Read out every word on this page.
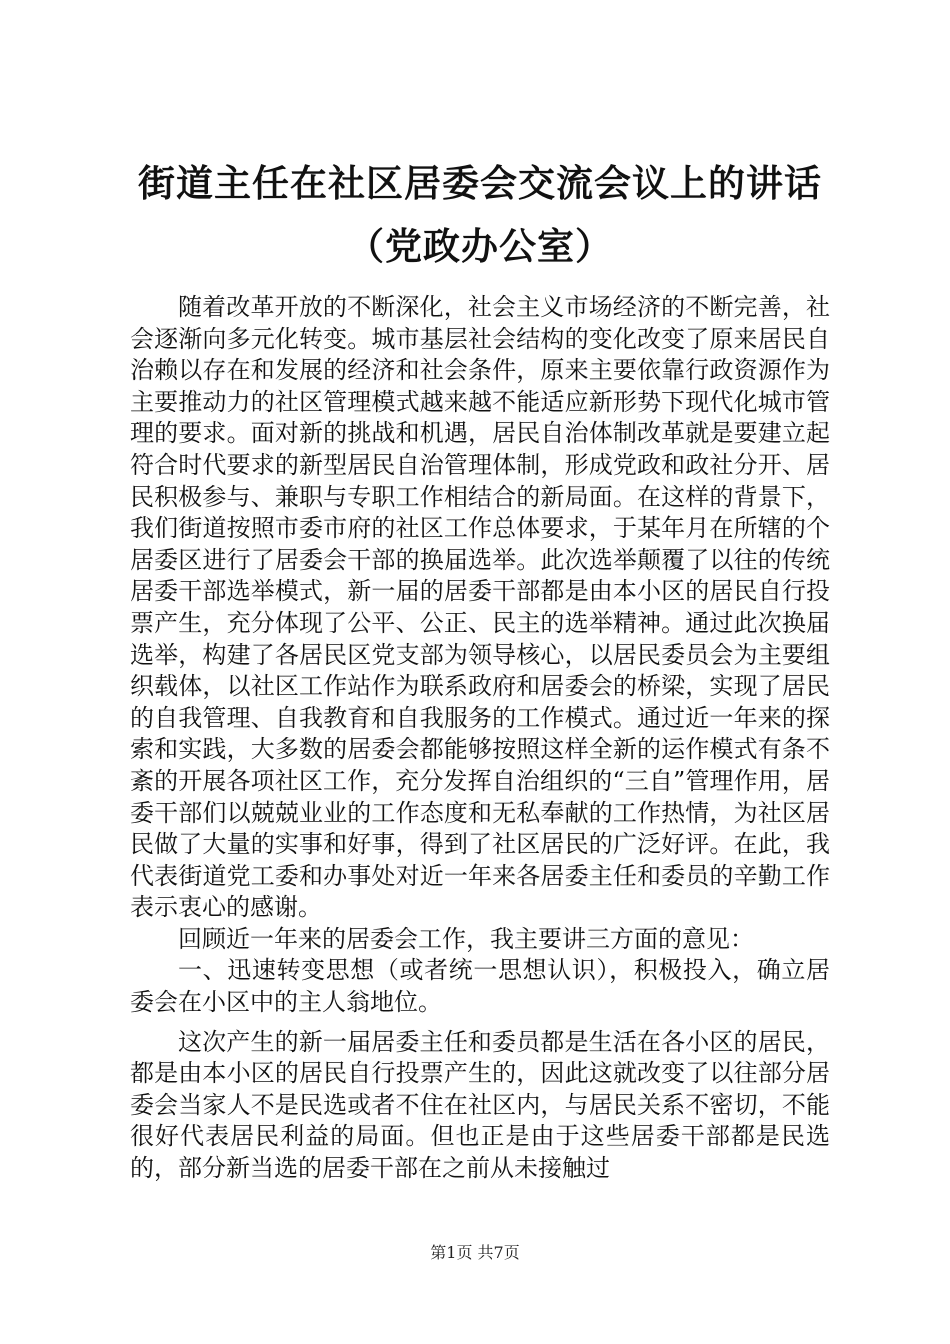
街道主任在社区居委会交流会议上的讲话（党政办公室）

随着改革开放的不断深化，社会主义市场经济的不断完善，社会逐渐向多元化转变。城市基层社会结构的变化改变了原来居民自治赖以存在和发展的经济和社会条件，原来主要依靠行政资源作为主要推动力的社区管理模式越来越不能适应新形势下现代化城市管理的要求。面对新的挑战和机遇，居民自治体制改革就是要建立起符合时代要求的新型居民自治管理体制，形成党政和政社分开、居民积极参与、兼职与专职工作相结合的新局面。在这样的背景下，我们街道按照市委市府的社区工作总体要求，于某年月在所辖的个居委区进行了居委会干部的换届选举。此次选举颠覆了以往的传统居委干部选举模式，新一届的居委干部都是由本小区的居民自行投票产生，充分体现了公平、公正、民主的选举精神。通过此次换届选举，构建了各居民区党支部为领导核心，以居民委员会为主要组织载体，以社区工作站作为联系政府和居委会的桥梁，实现了居民的自我管理、自我教育和自我服务的工作模式。通过近一年来的探索和实践，大多数的居委会都能够按照这样全新的运作模式有条不紊的开展各项社区工作，充分发挥自治组织的“三自”管理作用，居委干部们以兢兢业业的工作态度和无私奉献的工作热情，为社区居民做了大量的实事和好事，得到了社区居民的广泛好评。在此，我代表街道党工委和办事处对近一年来各居委主任和委员的辛勤工作表示衷心的感谢。

回顾近一年来的居委会工作，我主要讲三方面的意见：

一、迅速转变思想（或者统一思想认识），积极投入，确立居委会在小区中的主人翁地位。

这次产生的新一届居委主任和委员都是生活在各小区的居民，都是由本小区的居民自行投票产生的，因此这就改变了以往部分居委会当家人不是民选或者不住在社区内，与居民关系不密切，不能很好代表居民利益的局面。但也正是由于这些居委干部都是民选的，部分新当选的居委干部在之前从未接触过

第1页 共7页
